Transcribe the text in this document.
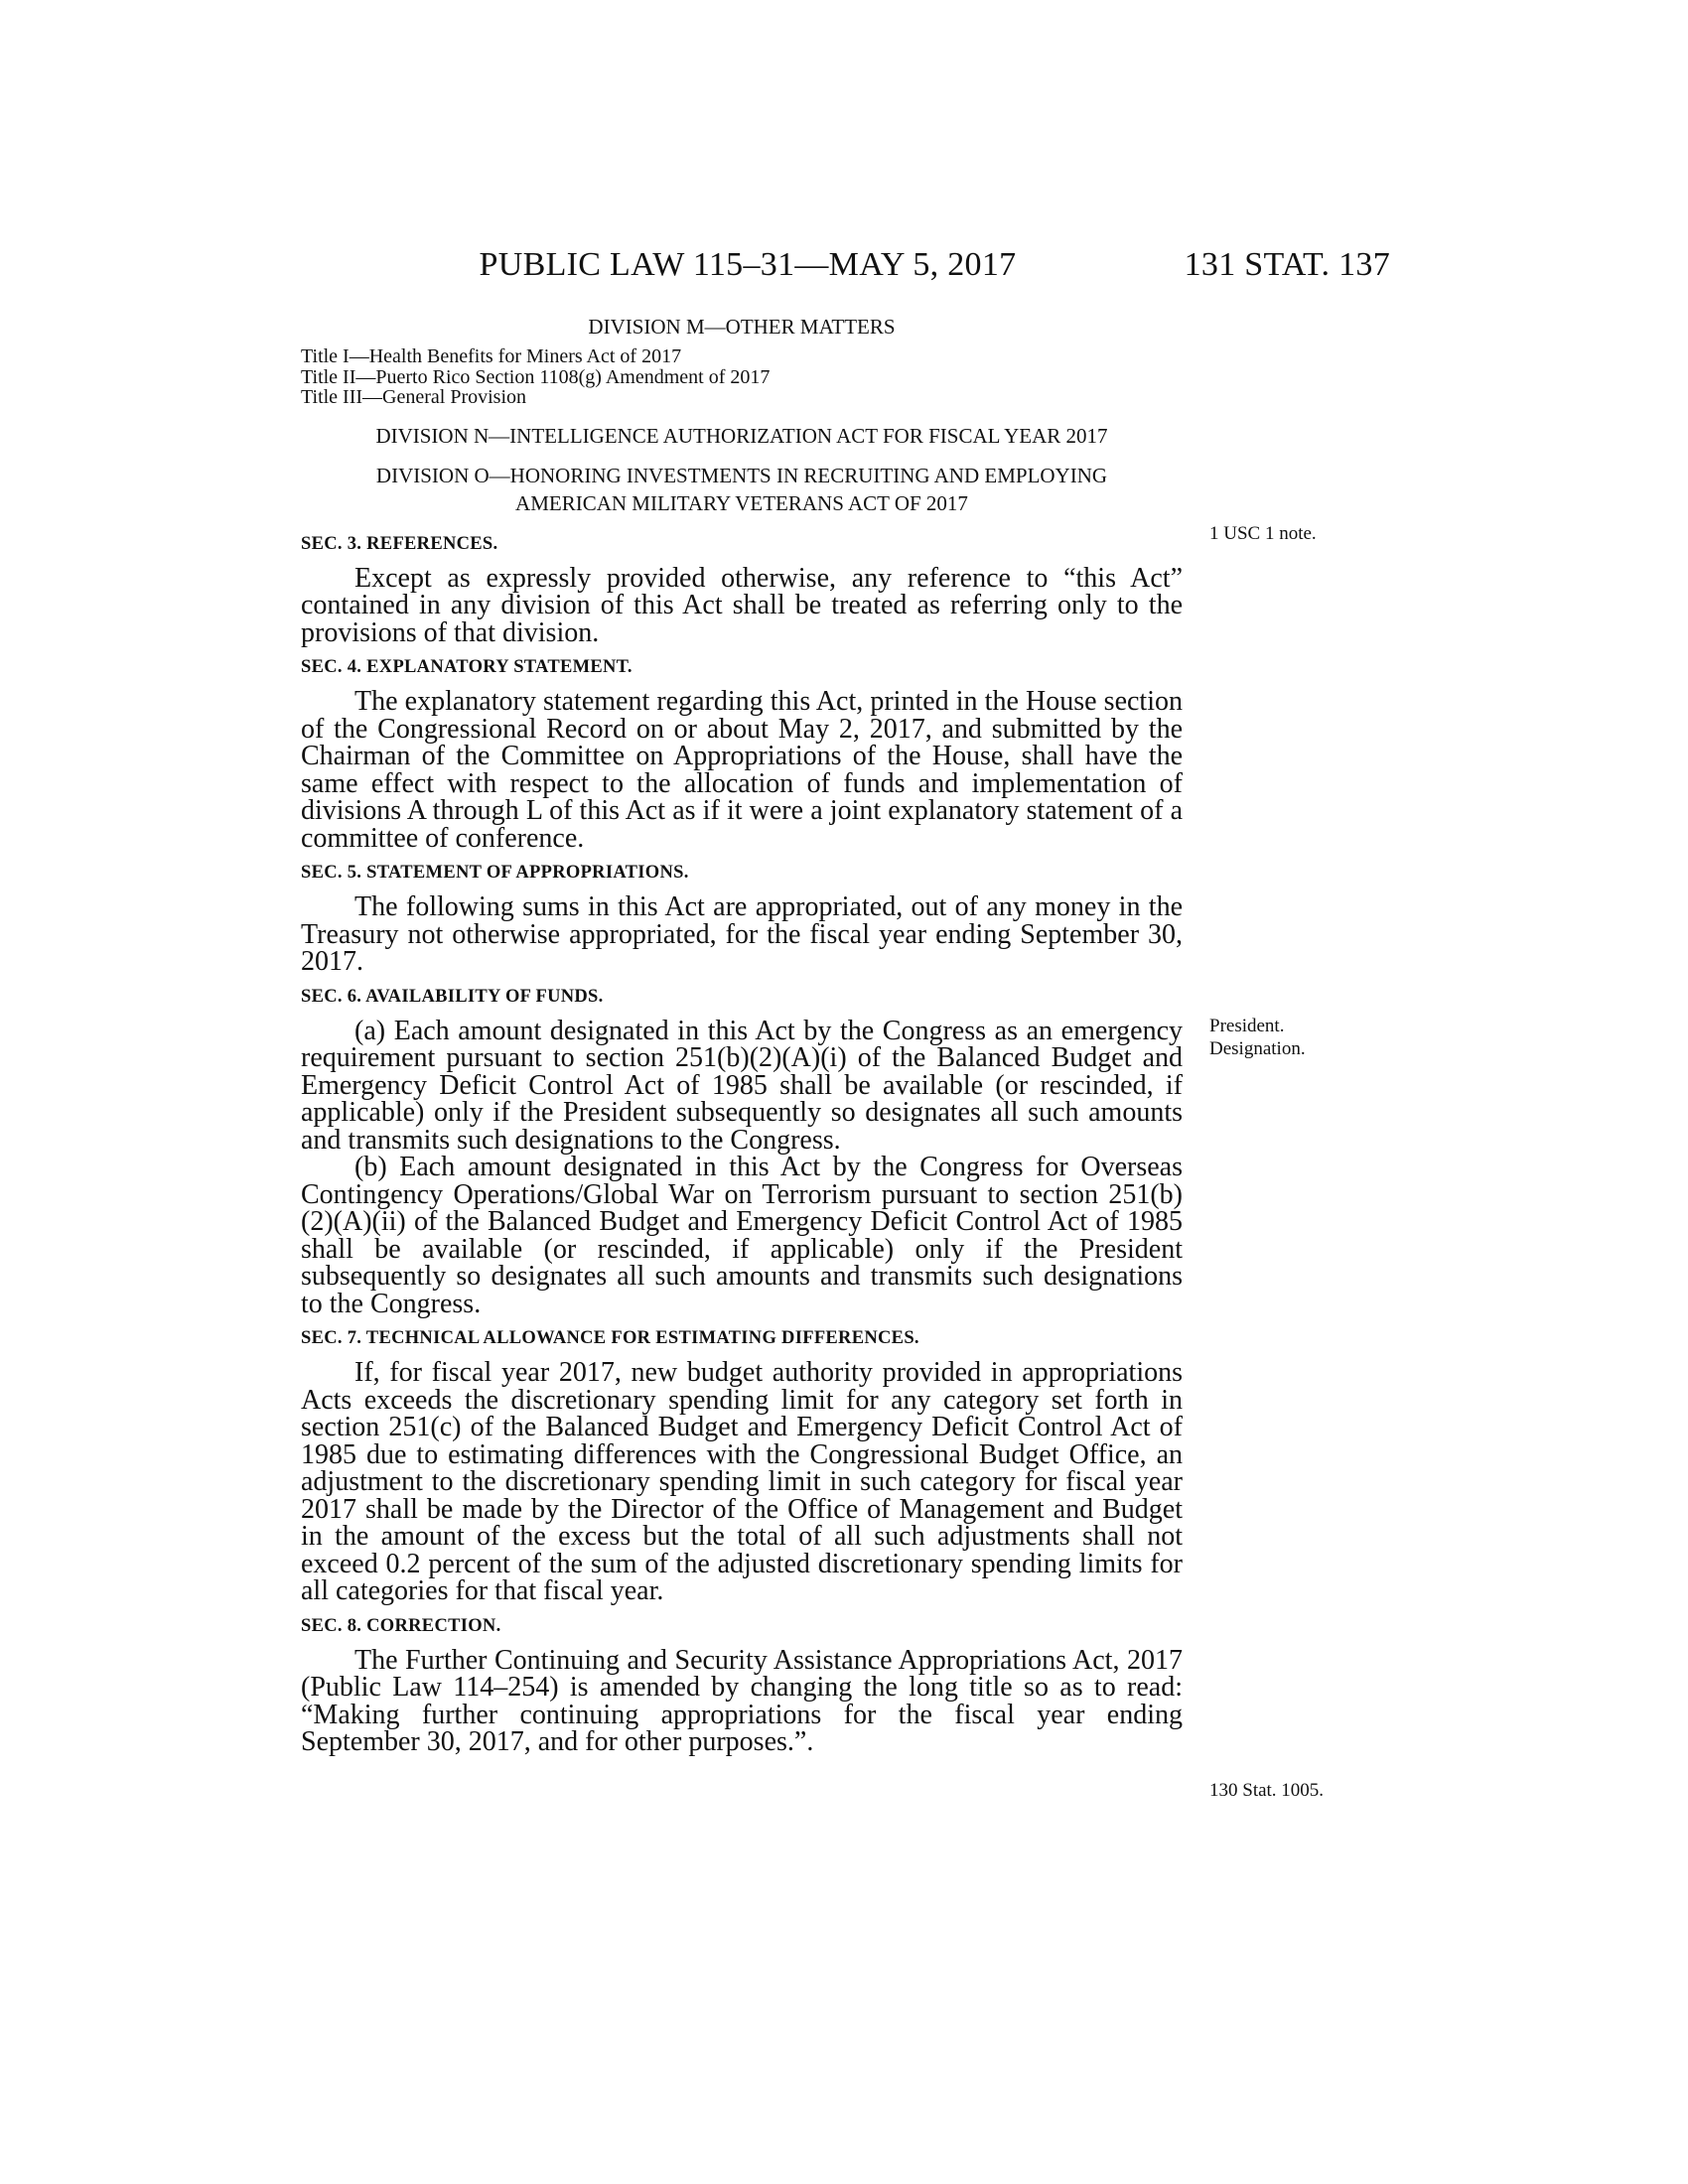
PUBLIC LAW 115–31—MAY 5, 2017	131 STAT. 137
DIVISION M—OTHER MATTERS
Title I—Health Benefits for Miners Act of 2017
Title II—Puerto Rico Section 1108(g) Amendment of 2017
Title III—General Provision
DIVISION N—INTELLIGENCE AUTHORIZATION ACT FOR FISCAL YEAR 2017
DIVISION O—HONORING INVESTMENTS IN RECRUITING AND EMPLOYING
AMERICAN MILITARY VETERANS ACT OF 2017
SEC. 3. REFERENCES.

Except as expressly provided otherwise, any reference to “this Act” contained in any division of this Act shall be treated as referring only to the provisions of that division.

SEC. 4. EXPLANATORY STATEMENT.

The explanatory statement regarding this Act, printed in the House section of the Congressional Record on or about May 2, 2017, and submitted by the Chairman of the Committee on Appropriations of the House, shall have the same effect with respect to the allocation of funds and implementation of divisions A through L of this Act as if it were a joint explanatory statement of a committee of conference.

SEC. 5. STATEMENT OF APPROPRIATIONS.

The following sums in this Act are appropriated, out of any money in the Treasury not otherwise appropriated, for the fiscal year ending September 30, 2017.

SEC. 6. AVAILABILITY OF FUNDS.

(a) Each amount designated in this Act by the Congress as an emergency requirement pursuant to section 251(b)(2)(A)(i) of the Balanced Budget and Emergency Deficit Control Act of 1985 shall be available (or rescinded, if applicable) only if the President subsequently so designates all such amounts and transmits such designations to the Congress.

(b) Each amount designated in this Act by the Congress for Overseas Contingency Operations/Global War on Terrorism pursuant to section 251(b)(2)(A)(ii) of the Balanced Budget and Emergency Deficit Control Act of 1985 shall be available (or rescinded, if applicable) only if the President subsequently so designates all such amounts and transmits such designations to the Congress.

SEC. 7. TECHNICAL ALLOWANCE FOR ESTIMATING DIFFERENCES.

If, for fiscal year 2017, new budget authority provided in appropriations Acts exceeds the discretionary spending limit for any category set forth in section 251(c) of the Balanced Budget and Emergency Deficit Control Act of 1985 due to estimating differences with the Congressional Budget Office, an adjustment to the discretionary spending limit in such category for fiscal year 2017 shall be made by the Director of the Office of Management and Budget in the amount of the excess but the total of all such adjustments shall not exceed 0.2 percent of the sum of the adjusted discretionary spending limits for all categories for that fiscal year.

SEC. 8. CORRECTION.

The Further Continuing and Security Assistance Appropriations Act, 2017 (Public Law 114–254) is amended by changing the long title so as to read: “Making further continuing appropriations for the fiscal year ending September 30, 2017, and for other purposes.”.

1 USC 1 note.
President.
Designation.
130 Stat. 1005.
